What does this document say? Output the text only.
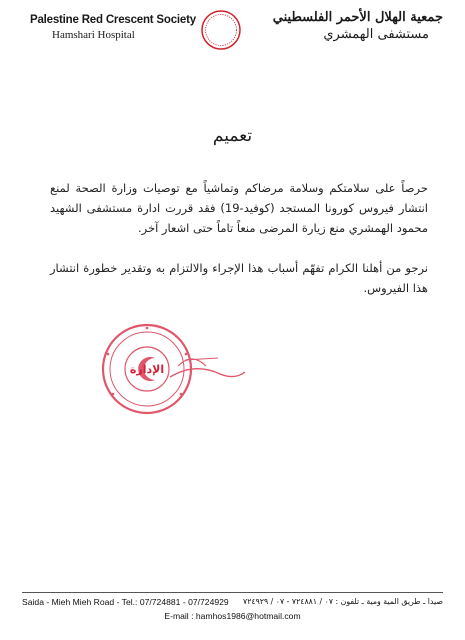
Palestine Red Crescent Society
Hamshari Hospital
جمعية الهلال الأحمر الفلسطيني
مستشفى الهمشري
تعميم
حرصاً على سلامتكم وسلامة مرضاكم وتماشياً مع توصيات وزارة الصحة لمنع انتشار فيروس كورونا المستجد (كوفيد-19) فقد قررت ادارة مستشفى الشهيد محمود الهمشري منع زيارة المرضى منعاً تاماً حتى اشعار آخر.
نرجو من أهلنا الكرام تفهّم أسباب هذا الإجراء والالتزام به وتقدير خطورة انتشار هذا الفيروس.
الإدارة
Saida - Mieh Mieh Road - Tel.: 07/724881 - 07/724929 صيدا ـ طريق المية ومية ـ تلفون : ٠٧ / ٧٢٤٨٨١ - ٠٧ / ٧٢٤٩٢٩
E-mail : hamhos1986@hotmail.com
